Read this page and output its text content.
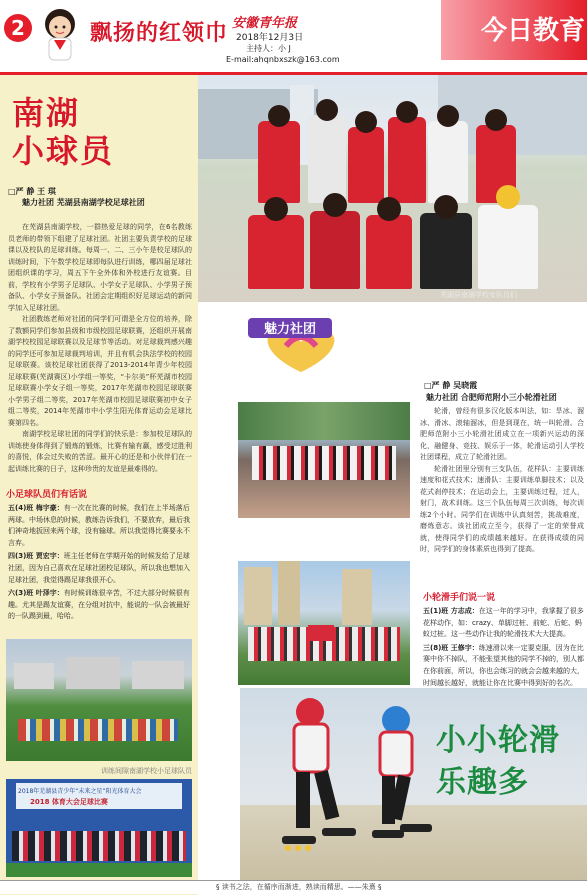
2	飘扬的红领巾 安徽青年报
2018年12月3日
主持人：小 J
E-mail:ahqnbxszk@163.com
今日教育
南湖
小球员
□严 静 王 琪
魅力社团 芜湖县南湖学校足球社团

在芜湖县南湖学校，一群热爱足球的同学，在6名教练员老师的带领下组建了足球社团。社团主要负责学校的足球课以及校队的足球训练。每周一、二、三小午是校足球队的训练时间，下午数学校足球即每队进行训练，哪四届足球社团组织课的学习，周五下午全外体和外校进行友谊赛。目前，学校有小学男子足球队、小学女子足球队、小学男子预备队、小学女子预备队。社团会定期组织好足球运动的新同学加入足球社团。

社团教练老师对社团的同学们可谓是全方位的培养，除了数额同学们参加县级和市级校园足球联赛，还组织开展南湖学校校园足球联赛以及足球节等活动。对足球裁判感兴趣的同学还可参加足球裁判培训，并且有机会执法学校的校园足球联赛。该校足球社团获得了2013-2014年青少年校园足球联赛(芜湖赛区)小学组一等奖，“卡尔美”杯芜湖市校园足球联赛小学女子组一等奖，2017年芜湖市校园足球联赛小学男子组二等奖，2017年芜湖市校园足球联赛初中女子组二等奖，2014年芜湖市中小学生阳光体育运动会足球比赛第四名。

南湖学校足球社团的同学们的快乐是：参加校足球队的训练使身体得到了锻炼的锻炼，比赛有输有赢，感受过胜利的喜悦，体会过失败的苦涩。最开心的还是和小伙伴们在一起训练比赛的日子，这种珍贵的友谊是最难得的。

小足球队员们有话说
五(4)班 梅宇豪：有一次在比赛的时候，我们在上半场落后两球。中场休息的时候，教练告诉我们，不要放弃，最后我们神奇地扳回来两个球，没有输球。所以我觉得比赛要永不言弃。
四(3)班 贾宏宇：班主任老师在学期开始的时候发给了足球社团，因为自己喜欢在足球社团校足球队，所以我也想加入足球社团，我觉得踢足球我很开心。
六(3)班 叶泽宇：有时候训练很辛苦，不过大部分时候很有趣。尤其是踢友谊赛，在分组对抗中，能说的一队会被最好的一队踢到最，哈哈。
训练间隙南湖学校小足球队员
2018年芜湖县青少年“未来之星”阳光体育大会
2018 体育大会足球比赛
芜湖县南湖学校女队员们
魅力社团
□严 静 吴晓霞
魅力社团 合肥师范附小三小轮滑社团

轮滑，曾经有很多汉化版本叫法，如：旱冰、溜冰、滑冰、滚轴溜冰，但是到现在，统一叫轮滑。合肥师范附小三小轮滑社团成立在一项新兴运动的深化，融健身、竞技、娱乐于一体，轮滑运动引人学校社团课程，成立了轮滑社团。

轮滑社团里分别有三支队伍，花样队：主要训练速度和花式技术；速滑队：主要训练单脚技术；以及花式刹停技术；在运动会上，主要训练过程，过人，射门，战术训练。这三个队伍每周三次训练，每次训练2个小时。同学们在训练中认真刻苦，挑战难度，磨炼意志。该社团成立至今，获得了一定的荣誉成就，使得同学们的成绩越来越好。在获得成绩的同时，同学们的身体素质也得到了提高。

小轮滑手们说一说
五(1)班 方志成：在这一年的学习中，我掌握了很多花样动作，如：crazy、单脚过桩、前蛇、后蛇、蚂蚁过桩。这一些动作让我的轮滑技术大大提高。
三(8)班 王修宇：练速滑以来一定要克服，因为在比赛中你不掉队，不能张望其他的同学不掉的，别人都在你前面，所以，你也会练习的就会会越来越的大，时间越长越好，就能让你在比赛中得到好的名次。
小小轮滑
乐趣多
§ 读书之法，在循序而渐进，熟读而精思。——朱熹 §
